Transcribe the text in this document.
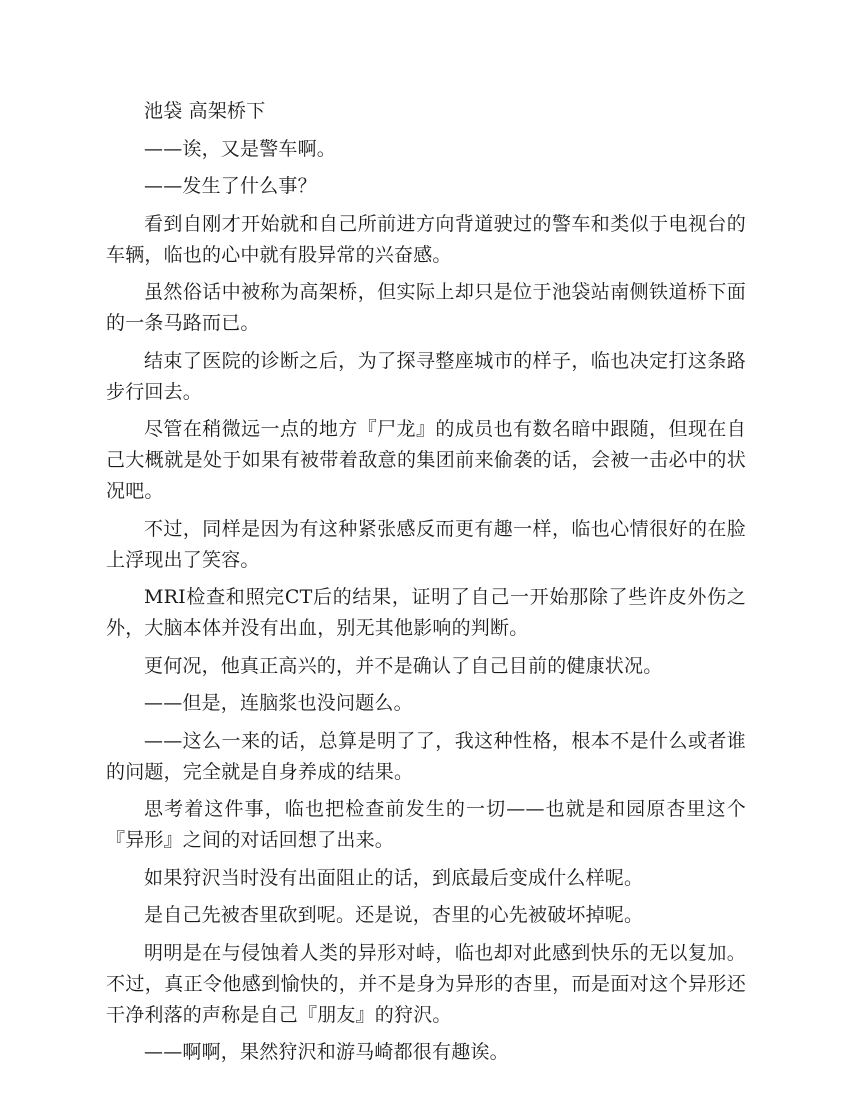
池袋 高架桥下

——诶，又是警车啊。

——发生了什么事？

看到自刚才开始就和自己所前进方向背道驶过的警车和类似于电视台的车辆，临也的心中就有股异常的兴奋感。

虽然俗话中被称为高架桥，但实际上却只是位于池袋站南侧铁道桥下面的一条马路而已。

结束了医院的诊断之后，为了探寻整座城市的样子，临也决定打这条路步行回去。

尽管在稍微远一点的地方『尸龙』的成员也有数名暗中跟随，但现在自己大概就是处于如果有被带着敌意的集团前来偷袭的话，会被一击必中的状况吧。

不过，同样是因为有这种紧张感反而更有趣一样，临也心情很好的在脸上浮现出了笑容。

MRI检查和照完CT后的结果，证明了自己一开始那除了些许皮外伤之外，大脑本体并没有出血，别无其他影响的判断。

更何况，他真正高兴的，并不是确认了自己目前的健康状况。

——但是，连脑浆也没问题么。

——这么一来的话，总算是明了了，我这种性格，根本不是什么或者谁的问题，完全就是自身养成的结果。

思考着这件事，临也把检查前发生的一切——也就是和园原杏里这个『异形』之间的对话回想了出来。

如果狩沢当时没有出面阻止的话，到底最后变成什么样呢。

是自己先被杏里砍到呢。还是说，杏里的心先被破坏掉呢。

明明是在与侵蚀着人类的异形对峙，临也却对此感到快乐的无以复加。不过，真正令他感到愉快的，并不是身为异形的杏里，而是面对这个异形还干净利落的声称是自己『朋友』的狩沢。

——啊啊，果然狩沢和游马崎都很有趣诶。
